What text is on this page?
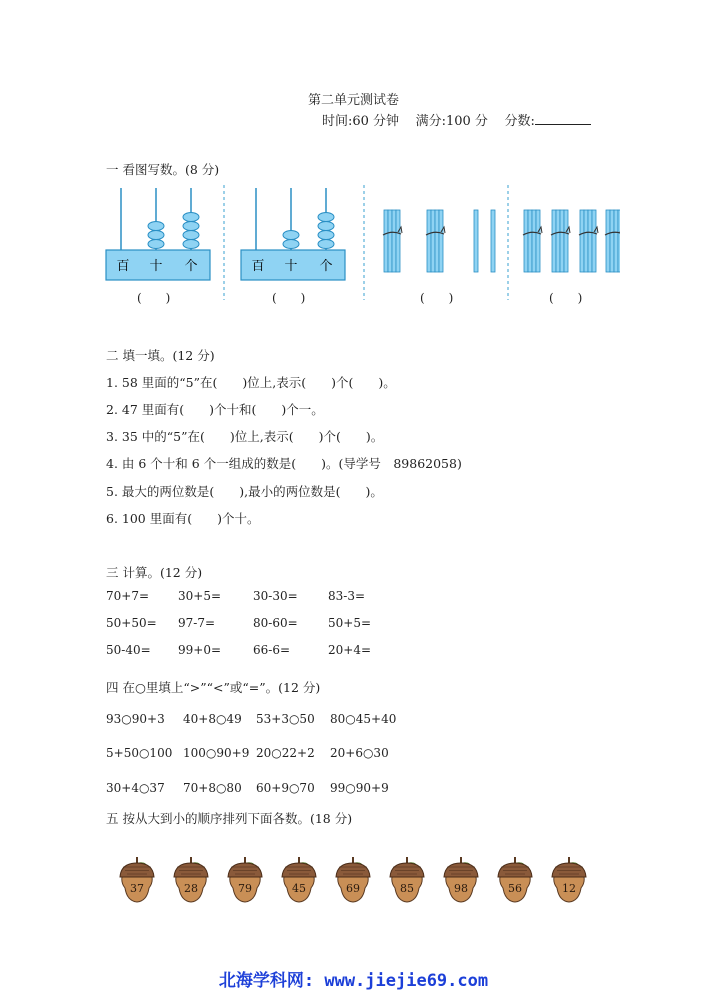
第二单元测试卷
时间:60 分钟 满分:100 分 分数:
一 看图写数。(8 分)
百 十 个	百 十 个
(　　)	(　　)	(　　)	(　　)
二 填一填。(12 分)
1. 58 里面的“5”在(　　)位上,表示(　　)个(　　)。
2. 47 里面有(　　)个十和(　　)个一。
3. 35 中的“5”在(　　)位上,表示(　　)个(　　)。
4. 由 6 个十和 6 个一组成的数是(　　)。(导学号　89862058)
5. 最大的两位数是(　　),最小的两位数是(　　)。
6. 100 里面有(　　)个十。
三 计算。(12 分)
70+7= 30+5=	30-30=	83-3=
50+50= 97-7=	80-60=	50+5=
50-40= 99+0=	66-6=	20+4=
四 在○里填上“>”“<”或“=”。(12 分)
93○90+3 40+8○49 53+3○50 80○45+40
5+50○100 100○90+9 20○22+2 20+6○30
30+4○37 70+8○80 60+9○70 99○90+9
五 按从大到小的顺序排列下面各数。(18 分)
37	28	79	45	69	85	98	56	12
北海学科网: www.jiejie69.com
